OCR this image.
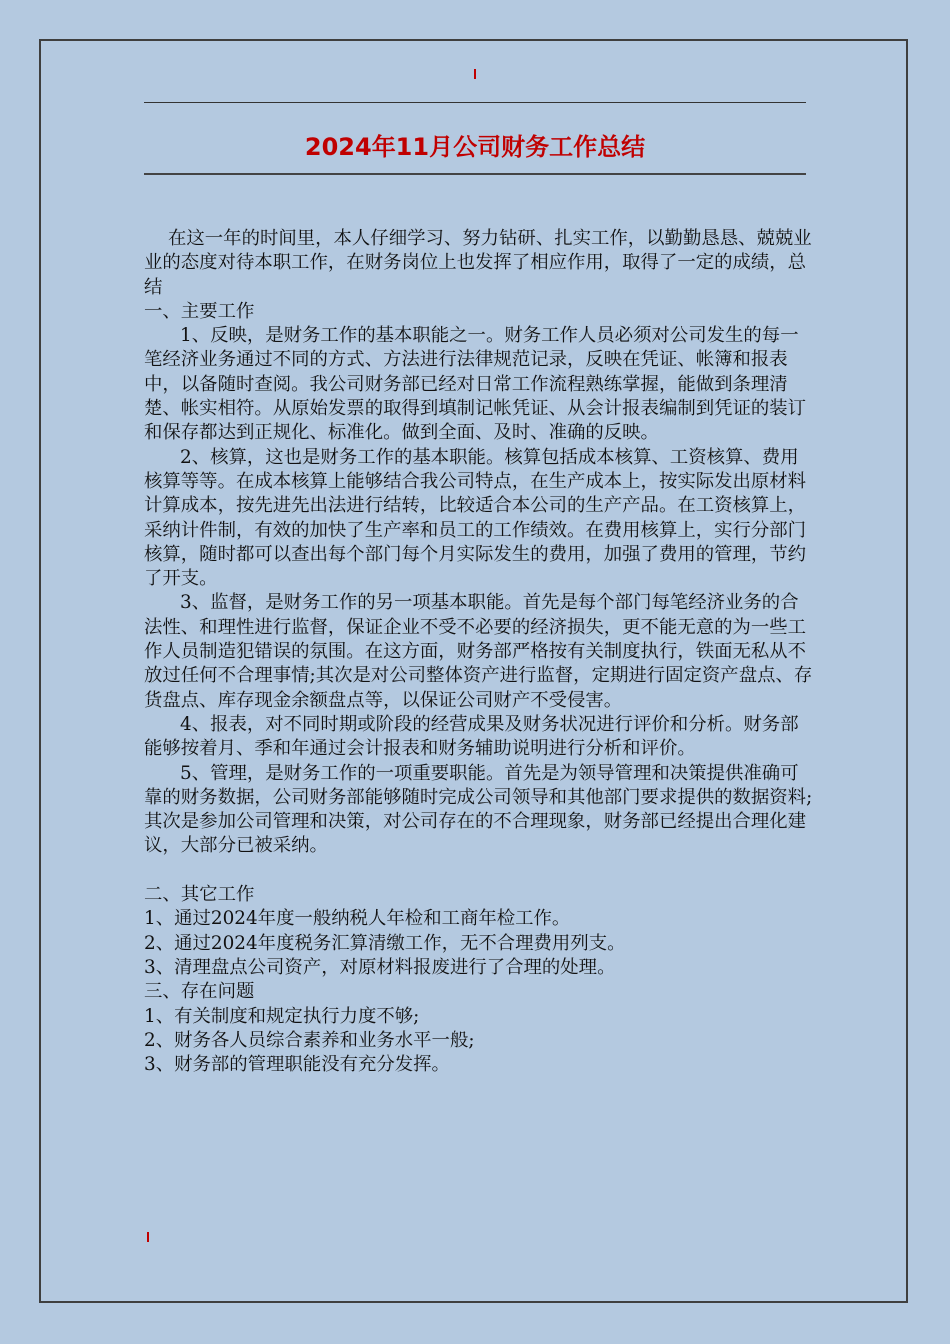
2024年11月公司财务工作总结

在这一年的时间里，本人仔细学习、努力钻研、扎实工作，以勤勤恳恳、兢兢业业的态度对待本职工作，在财务岗位上也发挥了相应作用，取得了一定的成绩，总结

一、主要工作

1、反映，是财务工作的基本职能之一。财务工作人员必须对公司发生的每一笔经济业务通过不同的方式、方法进行法律规范记录，反映在凭证、帐簿和报表中，以备随时查阅。我公司财务部已经对日常工作流程熟练掌握，能做到条理清楚、帐实相符。从原始发票的取得到填制记帐凭证、从会计报表编制到凭证的装订和保存都达到正规化、标准化。做到全面、及时、准确的反映。

2、核算，这也是财务工作的基本职能。核算包括成本核算、工资核算、费用核算等等。在成本核算上能够结合我公司特点，在生产成本上，按实际发出原材料计算成本，按先进先出法进行结转，比较适合本公司的生产产品。在工资核算上，采纳计件制，有效的加快了生产率和员工的工作绩效。在费用核算上，实行分部门核算，随时都可以查出每个部门每个月实际发生的费用，加强了费用的管理，节约了开支。

3、监督，是财务工作的另一项基本职能。首先是每个部门每笔经济业务的合法性、和理性进行监督，保证企业不受不必要的经济损失，更不能无意的为一些工作人员制造犯错误的氛围。在这方面，财务部严格按有关制度执行，铁面无私从不放过任何不合理事情;其次是对公司整体资产进行监督，定期进行固定资产盘点、存货盘点、库存现金余额盘点等，以保证公司财产不受侵害。

4、报表，对不同时期或阶段的经营成果及财务状况进行评价和分析。财务部能够按着月、季和年通过会计报表和财务辅助说明进行分析和评价。

5、管理，是财务工作的一项重要职能。首先是为领导管理和决策提供准确可靠的财务数据，公司财务部能够随时完成公司领导和其他部门要求提供的数据资料;其次是参加公司管理和决策，对公司存在的不合理现象，财务部已经提出合理化建议，大部分已被采纳。

二、其它工作

1、通过2024年度一般纳税人年检和工商年检工作。

2、通过2024年度税务汇算清缴工作，无不合理费用列支。

3、清理盘点公司资产，对原材料报废进行了合理的处理。

三、存在问题

1、有关制度和规定执行力度不够;

2、财务各人员综合素养和业务水平一般;

3、财务部的管理职能没有充分发挥。
